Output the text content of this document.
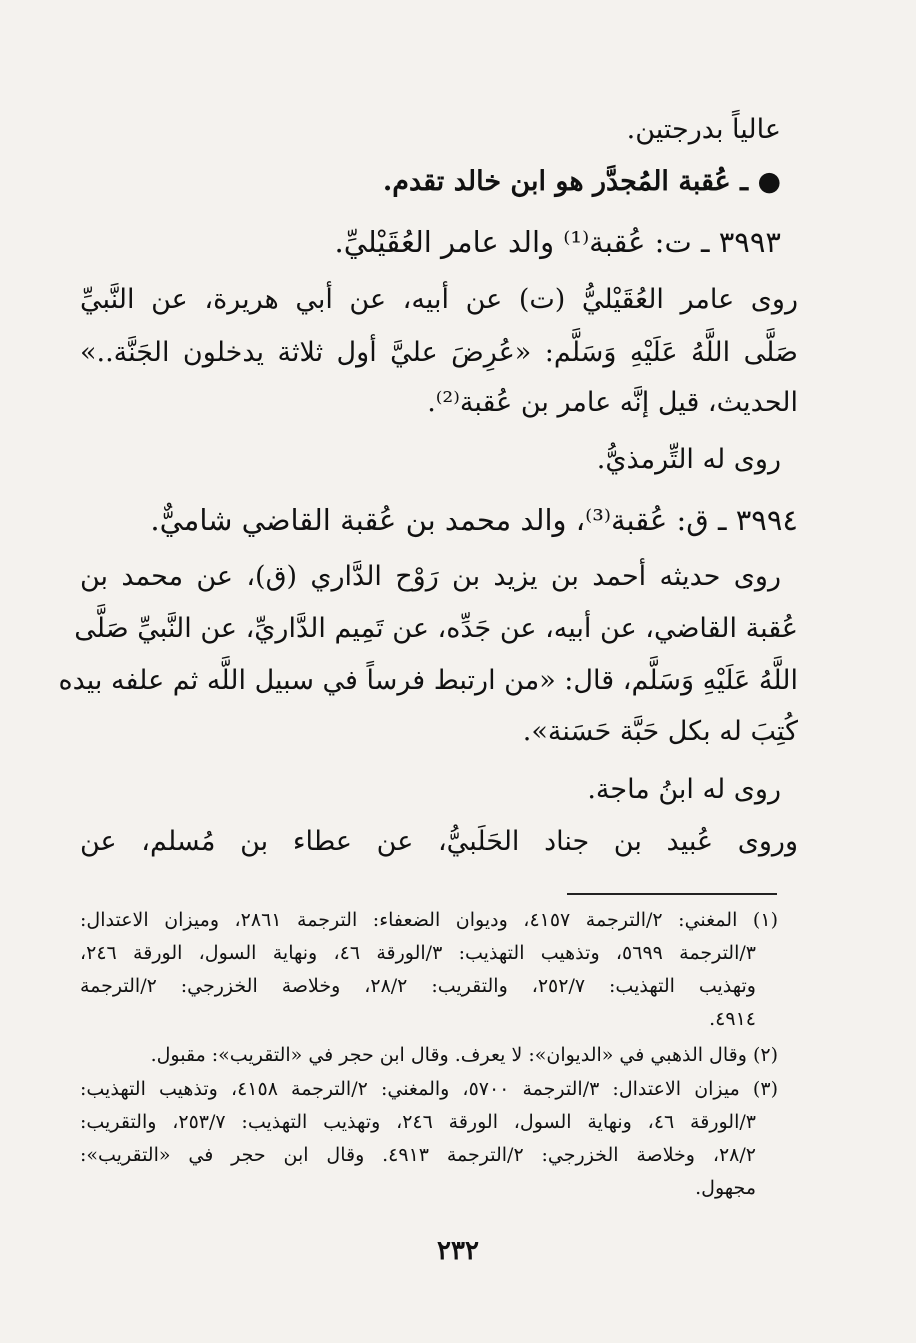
عالياً بدرجتين.
● ـ عُقبة المُجدَّر هو ابن خالد تقدم.
٣٩٩٣ ـ ت: عُقبة⁽¹⁾ والد عامر العُقَيْليِّ.
روى عامر العُقَيْليُّ (ت) عن أبيه، عن أبي هريرة، عن النَّبيِّ
صَلَّى اللَّهُ عَلَيْهِ وَسَلَّم: «عُرِضَ عليَّ أول ثلاثة يدخلون الجَنَّة..»
الحديث، قيل إنَّه عامر بن عُقبة⁽²⁾.
روى له التِّرمذيُّ.
٣٩٩٤ ـ ق: عُقبة⁽³⁾، والد محمد بن عُقبة القاضي شاميٌّ.
روى حديثه أحمد بن يزيد بن رَوْح الدَّاري (ق)، عن محمد بن
عُقبة القاضي، عن أبيه، عن جَدِّه، عن تَمِيم الدَّاريِّ، عن النَّبيِّ صَلَّى
اللَّهُ عَلَيْهِ وَسَلَّم، قال: «من ارتبط فرساً في سبيل اللَّه ثم علفه بيده
كُتِبَ له بكل حَبَّة حَسَنة».
روى له ابنُ ماجة.
وروى عُبيد بن جناد الحَلَبيُّ، عن عطاء بن مُسلم، عن
(١) المغني: ٢/الترجمة ٤١٥٧، وديوان الضعفاء: الترجمة ٢٨٦١، وميزان الاعتدال:
٣/الترجمة ٥٦٩٩، وتذهيب التهذيب: ٣/الورقة ٤٦، ونهاية السول، الورقة ٢٤٦،
وتهذيب التهذيب: ٢٥٢/٧، والتقريب: ٢٨/٢، وخلاصة الخزرجي: ٢/الترجمة
٤٩١٤.
(٢) وقال الذهبي في «الديوان»: لا يعرف. وقال ابن حجر في «التقريب»: مقبول.
(٣) ميزان الاعتدال: ٣/الترجمة ٥٧٠٠، والمغني: ٢/الترجمة ٤١٥٨، وتذهيب التهذيب:
٣/الورقة ٤٦، ونهاية السول، الورقة ٢٤٦، وتهذيب التهذيب: ٢٥٣/٧، والتقريب:
٢٨/٢، وخلاصة الخزرجي: ٢/الترجمة ٤٩١٣. وقال ابن حجر في «التقريب»:
مجهول.
٢٣٢
